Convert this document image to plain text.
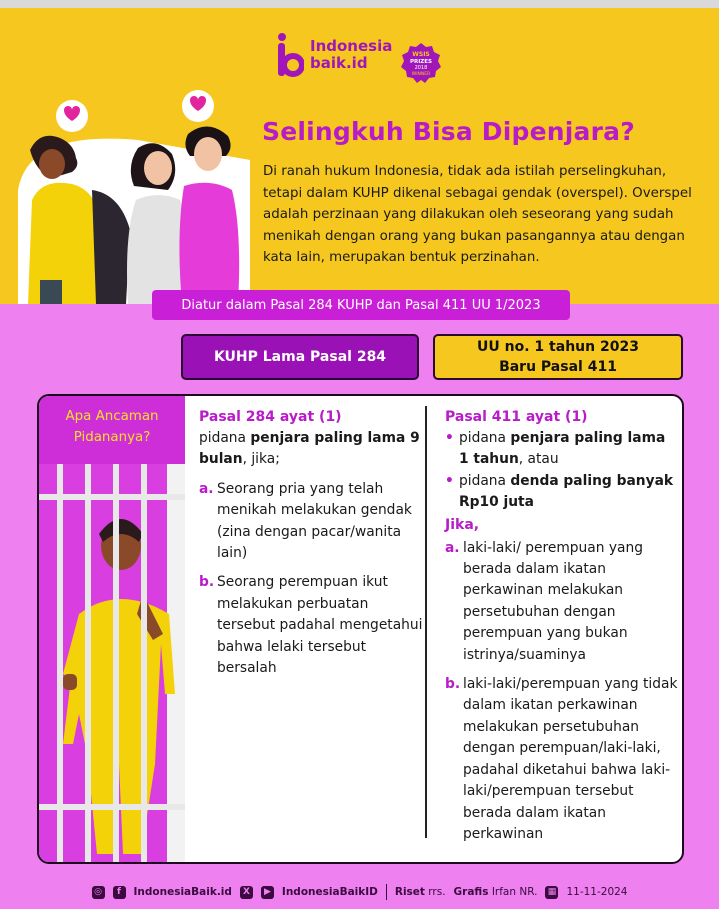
Indonesia
baik.id	WSIS
PRIZES
2018
WINNER
Selingkuh Bisa Dipenjara?
Di ranah hukum Indonesia, tidak ada istilah perselingkuhan, tetapi dalam KUHP dikenal sebagai gendak (overspel). Overspel adalah perzinaan yang dilakukan oleh seseorang yang sudah menikah dengan orang yang bukan pasangannya atau dengan kata lain, merupakan bentuk perzinahan.
Diatur dalam Pasal 284 KUHP dan Pasal 411 UU 1/2023
KUHP Lama Pasal 284
UU no. 1 tahun 2023
Baru Pasal 411
Apa Ancaman
Pidananya?
Pasal 284 ayat (1)
pidana penjara paling lama 9 bulan, jika;
a. Seorang pria yang telah menikah melakukan gendak (zina dengan pacar/wanita lain)
b. Seorang perempuan ikut melakukan perbuatan tersebut padahal mengetahui bahwa lelaki tersebut bersalah
Pasal 411 ayat (1)
• pidana penjara paling lama 1 tahun, atau
• pidana denda paling banyak Rp10 juta
Jika,
a. laki-laki/ perempuan yang berada dalam ikatan perkawinan melakukan persetubuhan dengan perempuan yang bukan istrinya/suaminya
b. laki-laki/perempuan yang tidak dalam ikatan perkawinan melakukan persetubuhan dengan perempuan/laki-laki, padahal diketahui bahwa laki-laki/perempuan tersebut berada dalam ikatan perkawinan
◎	f	IndonesiaBaik.id	X	▶ IndonesiaBaikID Riset rrs. Grafis Irfan NR. ▦ 11-11-2024
